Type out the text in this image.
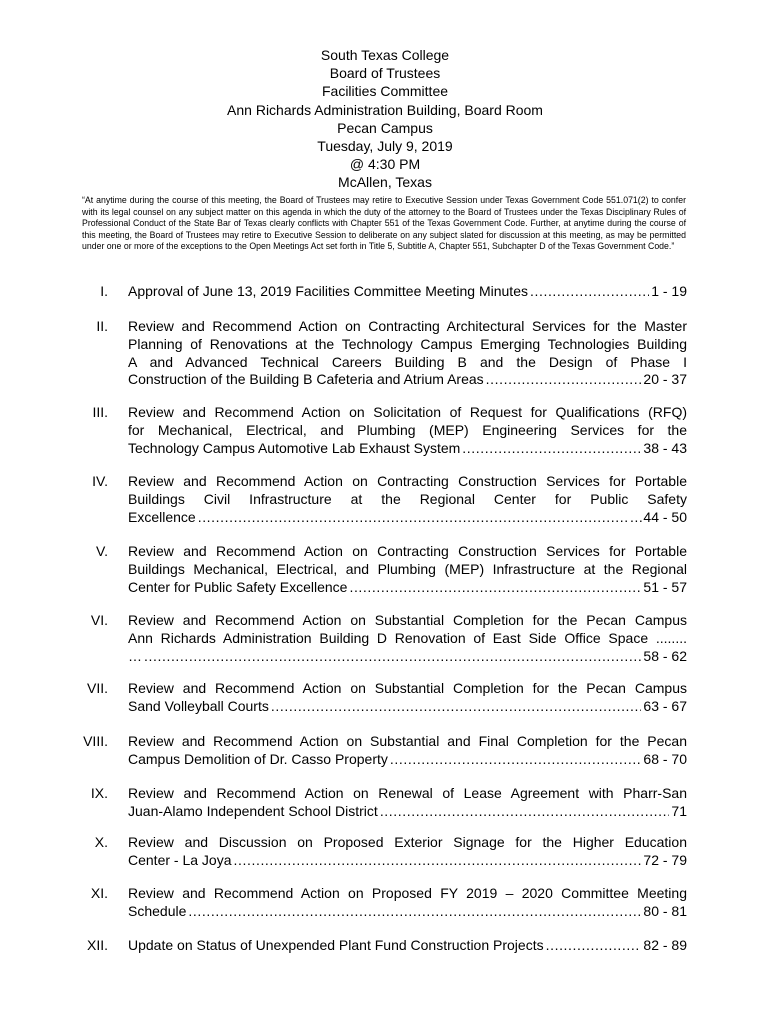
South Texas College
Board of Trustees
Facilities Committee
Ann Richards Administration Building, Board Room
Pecan Campus
Tuesday, July 9, 2019
@ 4:30 PM
McAllen, Texas
“At anytime during the course of this meeting, the Board of Trustees may retire to Executive Session under Texas Government Code 551.071(2) to confer with its legal counsel on any subject matter on this agenda in which the duty of the attorney to the Board of Trustees under the Texas Disciplinary Rules of Professional Conduct of the State Bar of Texas clearly conflicts with Chapter 551 of the Texas Government Code. Further, at anytime during the course of this meeting, the Board of Trustees may retire to Executive Session to deliberate on any subject slated for discussion at this meeting, as may be permitted under one or more of the exceptions to the Open Meetings Act set forth in Title 5, Subtitle A, Chapter 551, Subchapter D of the Texas Government Code.”
I. Approval of June 13, 2019 Facilities Committee Meeting Minutes .....	1 - 19
II. Review and Recommend Action on Contracting Architectural Services for the Master
Planning of Renovations at the Technology Campus Emerging Technologies Building
A and Advanced Technical Careers Building B and the Design of Phase I
Construction of the Building B Cafeteria and Atrium Areas .....	20 - 37
III. Review and Recommend Action on Solicitation of Request for Qualifications (RFQ)
for Mechanical, Electrical, and Plumbing (MEP) Engineering Services for the
Technology Campus Automotive Lab Exhaust System .....	38 - 43
IV. Review and Recommend Action on Contracting Construction Services for Portable
Buildings Civil Infrastructure at the Regional Center for Public Safety
Excellence .....	…44 - 50
V. Review and Recommend Action on Contracting Construction Services for Portable
Buildings Mechanical, Electrical, and Plumbing (MEP) Infrastructure at the Regional
Center for Public Safety Excellence .....	51 - 57
VI. Review and Recommend Action on Substantial Completion for the Pecan Campus
Ann Richards Administration Building D Renovation of East Side Office Space ........
… .....	58 - 62
VII. Review and Recommend Action on Substantial Completion for the Pecan Campus
Sand Volleyball Courts .....	63 - 67
VIII. Review and Recommend Action on Substantial and Final Completion for the Pecan
Campus Demolition of Dr. Casso Property .....	68 - 70
IX. Review and Recommend Action on Renewal of Lease Agreement with Pharr-San
Juan-Alamo Independent School District .....	71
X. Review and Discussion on Proposed Exterior Signage for the Higher Education
Center - La Joya .....	72 - 79
XI. Review and Recommend Action on Proposed FY 2019 – 2020 Committee Meeting
Schedule .....	80 - 81
XII. Update on Status of Unexpended Plant Fund Construction Projects .....	82 - 89
